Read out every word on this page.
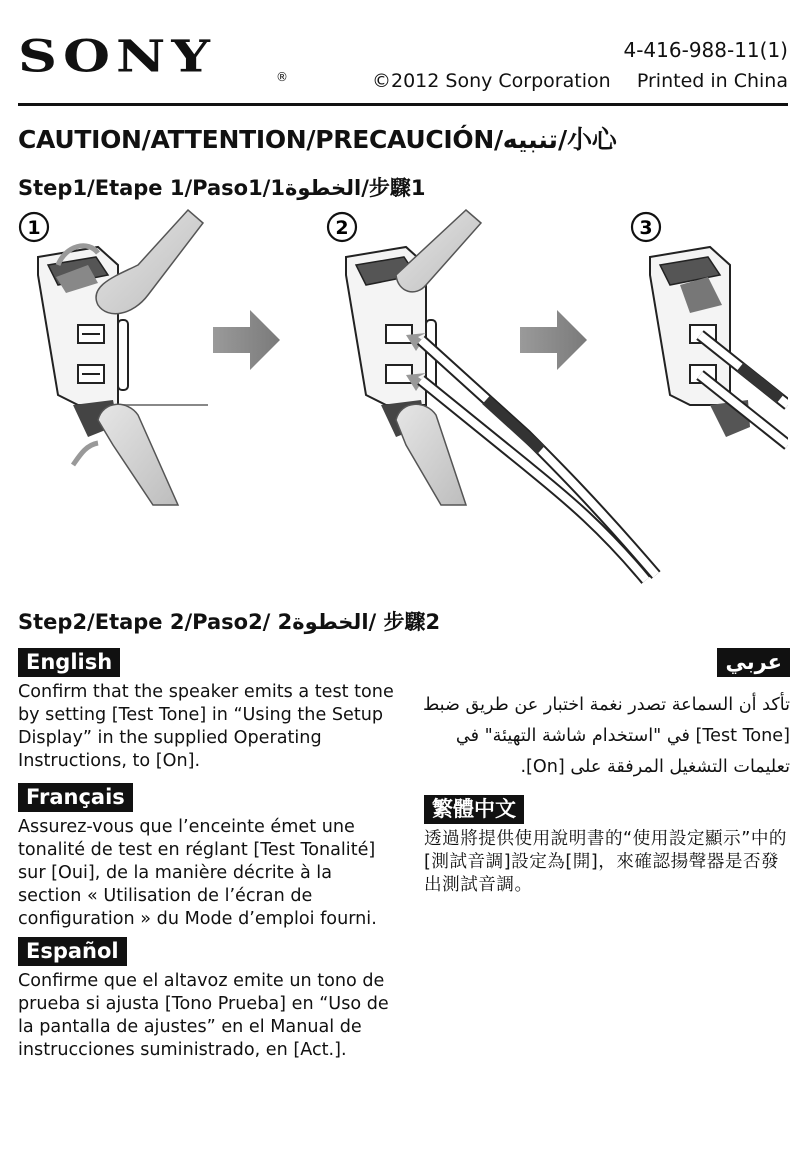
SONY	®
4-416-988-11(1)
©2012 Sony Corporation Printed in China
CAUTION/ATTENTION/PRECAUCIÓN/تنبيه/小心
Step1/Etape 1/Paso1/1الخطوة/步驟1
1	2	3
Step2/Etape 2/Paso2/ 2الخطوة/ 步驟2
English
Confirm that the speaker emits a test tone by setting [Test Tone] in “Using the Setup Display” in the supplied Operating Instructions, to [On].
Français
Assurez-vous que l’enceinte émet une tonalité de test en réglant [Test Tonalité] sur [Oui], de la manière décrite à la section « Utilisation de l’écran de configuration » du Mode d’emploi fourni.
Español
Confirme que el altavoz emite un tono de prueba si ajusta [Tono Prueba] en “Uso de la pantalla de ajustes” en el Manual de instrucciones suministrado, en [Act.].
عربي
تأكد أن السماعة تصدر نغمة اختبار عن طريق ضبط [Test Tone] في "استخدام شاشة التهيئة" في تعليمات التشغيل المرفقة على [On].
繁體中文
透過將提供使用說明書的“使用設定顯示”中的[測試音調]設定為[開]，來確認揚聲器是否發出測試音調。
